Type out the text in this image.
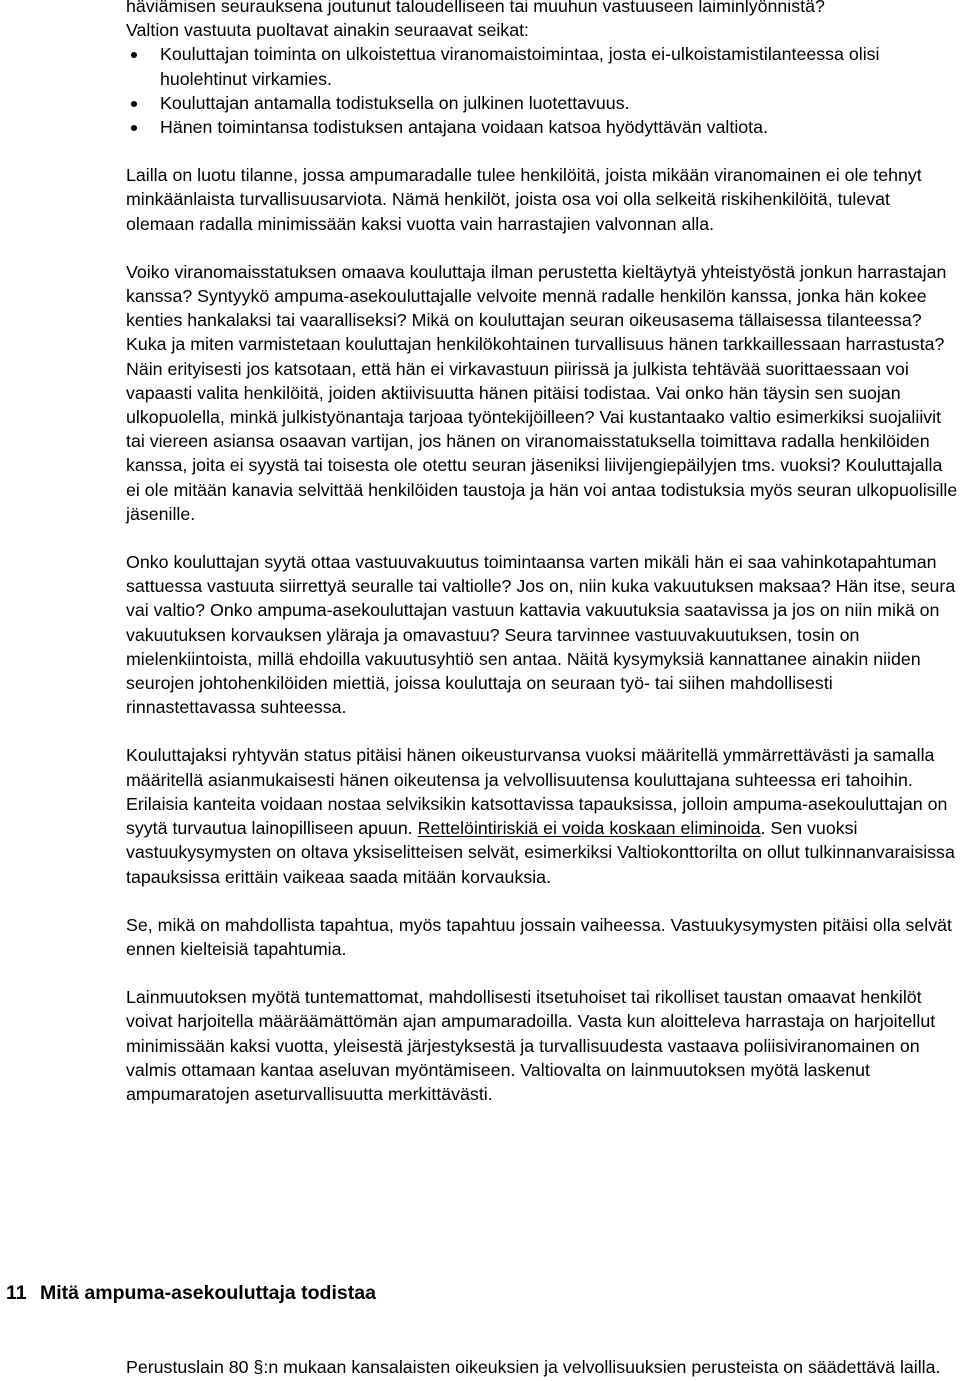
häviämisen seurauksena joutunut taloudelliseen tai muuhun vastuuseen laiminlyönnistä?

Valtion vastuuta puoltavat ainakin seuraavat seikat:

Kouluttajan toiminta on ulkoistettua viranomaistoimintaa, josta ei-ulkoistamistilanteessa olisi huolehtinut virkamies.
Kouluttajan antamalla todistuksella on julkinen luotettavuus.
Hänen toimintansa todistuksen antajana voidaan katsoa hyödyttävän valtiota.

Lailla on luotu tilanne, jossa ampumaradalle tulee henkilöitä, joista mikään viranomainen ei ole tehnyt minkäänlaista turvallisuusarviota. Nämä henkilöt, joista osa voi olla selkeitä riskihenkilöitä, tulevat olemaan radalla minimissään kaksi vuotta vain harrastajien valvonnan alla.

Voiko viranomaisstatuksen omaava kouluttaja ilman perustetta kieltäytyä yhteistyöstä jonkun harrastajan kanssa? Syntyykö ampuma-asekouluttajalle velvoite mennä radalle henkilön kanssa, jonka hän kokee kenties hankalaksi tai vaaralliseksi? Mikä on kouluttajan seuran oikeusasema tällaisessa tilanteessa? Kuka ja miten varmistetaan kouluttajan henkilökohtainen turvallisuus hänen tarkkaillessaan harrastusta? Näin erityisesti jos katsotaan, että hän ei virkavastuun piirissä ja julkista tehtävää suorittaessaan voi vapaasti valita henkilöitä, joiden aktiivisuutta hänen pitäisi todistaa. Vai onko hän täysin sen suojan ulkopuolella, minkä julkistyönantaja tarjoaa työntekijöilleen? Vai kustantaako valtio esimerkiksi suojaliivit tai viereen asiansa osaavan vartijan, jos hänen on viranomaisstatuksella toimittava radalla henkilöiden kanssa, joita ei syystä tai toisesta ole otettu seuran jäseniksi liivijengiepäilyjen tms. vuoksi? Kouluttajalla ei ole mitään kanavia selvittää henkilöiden taustoja ja hän voi antaa todistuksia myös seuran ulkopuolisille jäsenille.

Onko kouluttajan syytä ottaa vastuuvakuutus toimintaansa varten mikäli hän ei saa vahinkotapahtuman sattuessa vastuuta siirrettyä seuralle tai valtiolle? Jos on, niin kuka vakuutuksen maksaa? Hän itse, seura vai valtio? Onko ampuma-asekouluttajan vastuun kattavia vakuutuksia saatavissa ja jos on niin mikä on vakuutuksen korvauksen yläraja ja omavastuu? Seura tarvinnee vastuuvakuutuksen, tosin on mielenkiintoista, millä ehdoilla vakuutusyhtiö sen antaa. Näitä kysymyksiä kannattanee ainakin niiden seurojen johtohenkilöiden miettiä, joissa kouluttaja on seuraan työ- tai siihen mahdollisesti rinnastettavassa suhteessa.

Kouluttajaksi ryhtyvän status pitäisi hänen oikeusturvansa vuoksi määritellä ymmärrettävästi ja samalla määritellä asianmukaisesti hänen oikeutensa ja velvollisuutensa kouluttajana suhteessa eri tahoihin. Erilaisia kanteita voidaan nostaa selviksikin katsottavissa tapauksissa, jolloin ampuma-asekouluttajan on syytä turvautua lainopilliseen apuun. Rettelöintiriskiä ei voida koskaan eliminoida. Sen vuoksi vastuukysymysten on oltava yksiselitteisen selvät, esimerkiksi Valtiokonttorilta on ollut tulkinnanvaraisissa tapauksissa erittäin vaikeaa saada mitään korvauksia.

Se, mikä on mahdollista tapahtua, myös tapahtuu jossain vaiheessa. Vastuukysymysten pitäisi olla selvät ennen kielteisiä tapahtumia.

Lainmuutoksen myötä tuntemattomat, mahdollisesti itsetuhoiset tai rikolliset taustan omaavat henkilöt voivat harjoitella määräämättömän ajan ampumaradoilla. Vasta kun aloitteleva harrastaja on harjoitellut minimissään kaksi vuotta, yleisestä järjestyksestä ja turvallisuudesta vastaava poliisiviranomainen on valmis ottamaan kantaa aseluvan myöntämiseen. Valtiovalta on lainmuutoksen myötä laskenut ampumaratojen aseturvallisuutta merkittävästi.

11 Mitä ampuma-asekouluttaja todistaa

Perustuslain 80 §:n mukaan kansalaisten oikeuksien ja velvollisuuksien perusteista on säädettävä lailla.
